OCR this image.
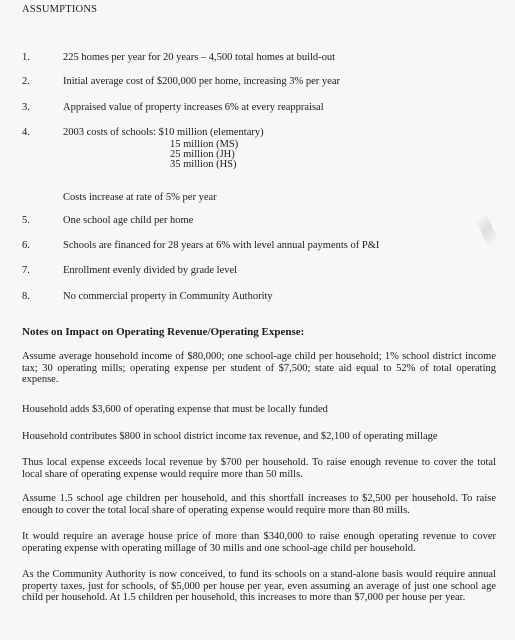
ASSUMPTIONS
1.	225 homes per year for 20 years – 4,500 total homes at build-out
2.	Initial average cost of $200,000 per home, increasing 3% per year
3.	Appraised value of property increases 6% at every reappraisal
4.	2003 costs of schools: $10 million (elementary)
15 million (MS)
25 million (JH)
35 million (HS)
Costs increase at rate of 5% per year
5.	One school age child per home
6.	Schools are financed for 28 years at 6% with level annual payments of P&I
7.	Enrollment evenly divided by grade level
8.	No commercial property in Community Authority
Notes on Impact on Operating Revenue/Operating Expense:
Assume average household income of $80,000; one school-age child per household; 1% school district income tax; 30 operating mills; operating expense per student of $7,500; state aid equal to 52% of total operating expense.
Household adds $3,600 of operating expense that must be locally funded
Household contributes $800 in school district income tax revenue, and $2,100 of operating millage
Thus local expense exceeds local revenue by $700 per household. To raise enough revenue to cover the total local share of operating expense would require more than 50 mills.
Assume 1.5 school age children per household, and this shortfall increases to $2,500 per household. To raise enough to cover the total local share of operating expense would require more than 80 mills.
It would require an average house price of more than $340,000 to raise enough operating revenue to cover operating expense with operating millage of 30 mills and one school-age child per household.
As the Community Authority is now conceived, to fund its schools on a stand-alone basis would require annual property taxes, just for schools, of $5,000 per house per year, even assuming an average of just one school age child per household. At 1.5 children per household, this increases to more than $7,000 per house per year.
